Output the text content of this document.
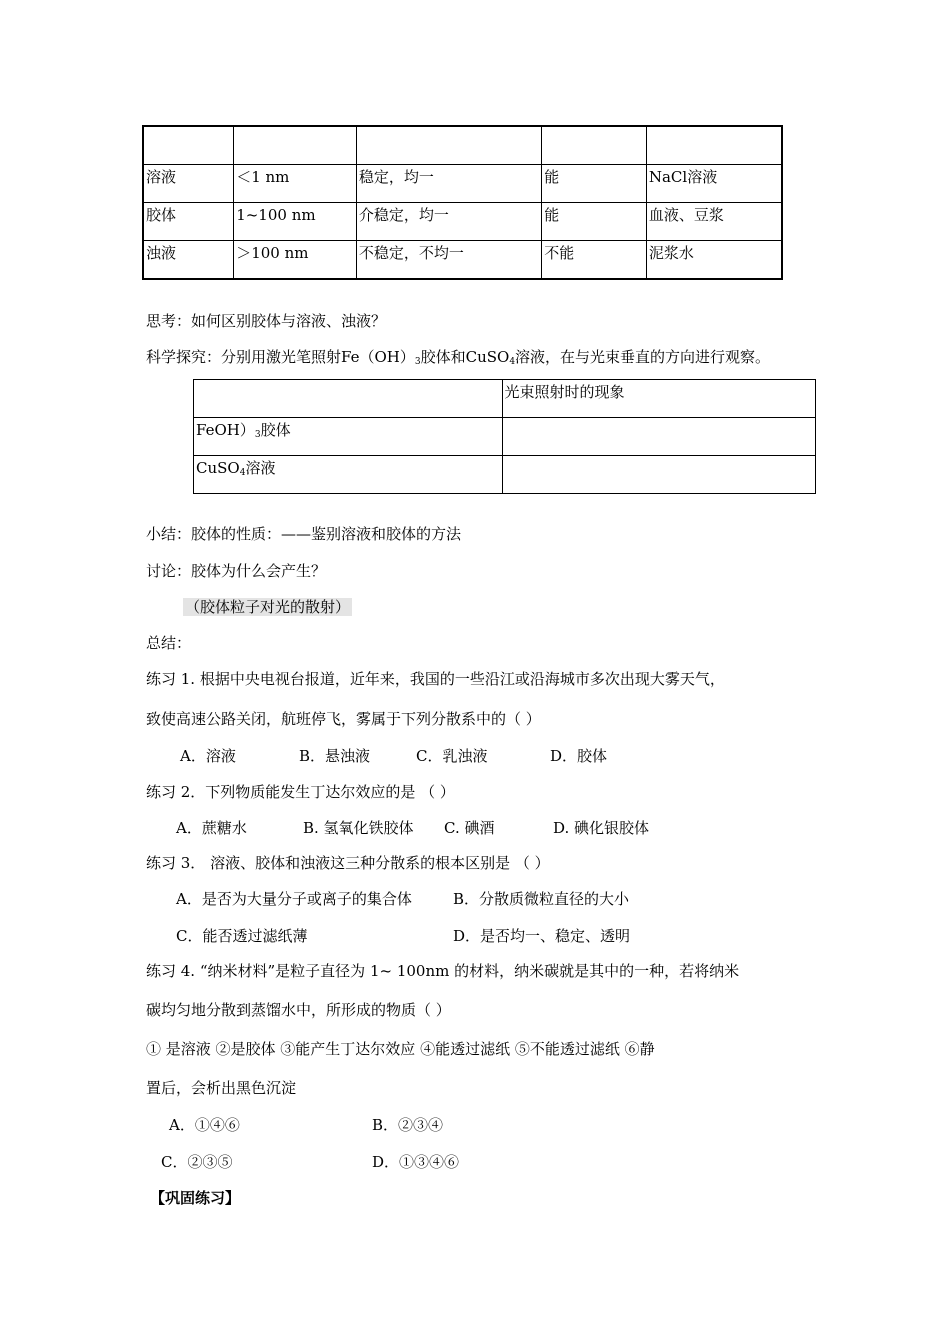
溶液	＜1 nm	稳定，均一	能	NaCl溶液
胶体	1~100 nm	介稳定，均一	能	血液、豆浆
浊液	＞100 nm	不稳定，不均一	不能	泥浆水
思考：如何区别胶体与溶液、浊液？
科学探究：分别用激光笔照射$Fe(OH)_3$胶体和CuSO$_4$溶液，在与光束垂直的方向进行观察。
	光束照射时的现象
$FeOH)_3$胶体	
CuSO$_4$溶液	
小结：胶体的性质：——鉴别溶液和胶体的方法
讨论：胶体为什么会产生？
（胶体粒子对光的散射）
总结：
练习 1. 根据中央电视台报道，近年来，我国的一些沿江或沿海城市多次出现大雾天气，
致使高速公路关闭，航班停飞，雾属于下列分散系中的（ ）
A．溶液	B．悬浊液	C．乳浊液	D．胶体
练习 2．下列物质能发生丁达尔效应的是 （ ）
A．蔗糖水	B. 氢氧化铁胶体 C. 碘酒	D. 碘化银胶体
练习 3． 溶液、胶体和浊液这三种分散系的根本区别是 （ ）
A．是否为大量分子或离子的集合体	B．分散质微粒直径的大小
C．能否透过滤纸薄	D．是否均一、稳定、透明
练习 4. “纳米材料”是粒子直径为 1~ 100nm 的材料，纳米碳就是其中的一种，若将纳米
碳均匀地分散到蒸馏水中，所形成的物质（ ）
① 是溶液 ②是胶体 ③能产生丁达尔效应 ④能透过滤纸 ⑤不能透过滤纸 ⑥静
置后，会析出黑色沉淀
A．①④⑥	B．②③④
C．②③⑤	D．①③④⑥
【巩固练习】
